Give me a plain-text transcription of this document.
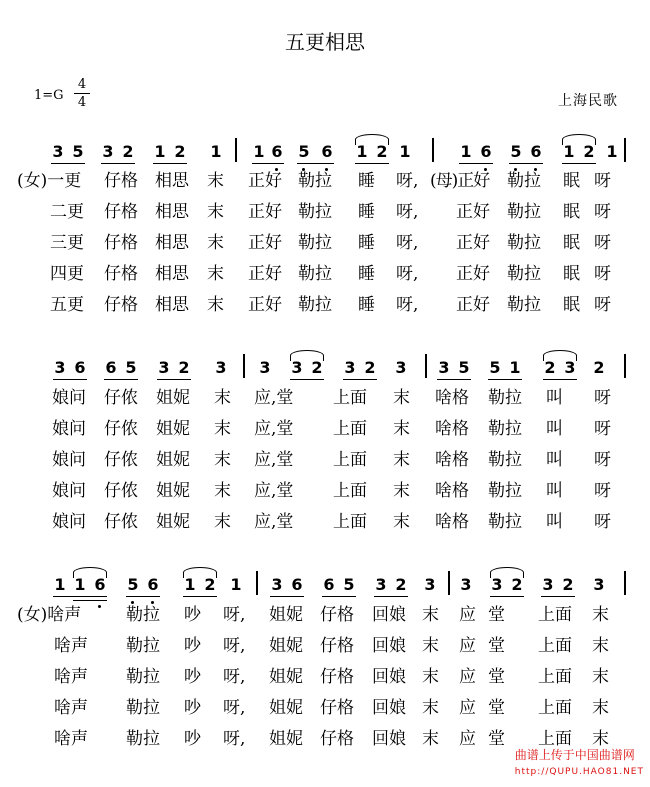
五更相思
1=G
4
4	上海民歌
3 5 3 2 1 2 1 1 6 5 6 1 2 1	1 6 5 6 1 2 1
(女)一更 仔格 相思 末 正好 勒拉 睡 呀, (母)正好 勒拉 眠 呀
二更 仔格 相思 末 正好 勒拉 睡 呀, 正好 勒拉 眠 呀
三更 仔格 相思 末 正好 勒拉 睡 呀, 正好 勒拉 眠 呀
四更 仔格 相思 末 正好 勒拉 睡 呀, 正好 勒拉 眠 呀
五更 仔格 相思 末 正好 勒拉 睡 呀, 正好 勒拉 眠 呀
3 6 6 5 3 2 3 3 3 2 3 2 3 3 5 5 1 2 3 2
娘问 仔侬 姐妮 末 应,堂 上面 末 啥格 勒拉 叫 呀
娘问 仔侬 姐妮 末 应,堂 上面 末 啥格 勒拉 叫 呀
娘问 仔侬 姐妮 末 应,堂 上面 末 啥格 勒拉 叫 呀
娘问 仔侬 姐妮 末 应,堂 上面 末 啥格 勒拉 叫 呀
娘问 仔侬 姐妮 末 应,堂 上面 末 啥格 勒拉 叫 呀
1 1 6 5 6 1 2 1 3 6 6 5 3 2 3 3 3 2 3 2 3
(女)啥声	勒拉 吵 呀, 姐妮 仔格 回娘 末 应 堂 上面 末
啥声 勒拉 吵 呀, 姐妮 仔格 回娘 末 应 堂 上面 末
啥声 勒拉 吵 呀, 姐妮 仔格 回娘 末 应 堂 上面 末
啥声 勒拉 吵 呀, 姐妮 仔格 回娘 末 应 堂 上面 末
啥声 勒拉 吵 呀, 姐妮 仔格 回娘 末 应 堂 上面 末
曲谱上传于中国曲谱网
http://QUPU.HAO81.NET
